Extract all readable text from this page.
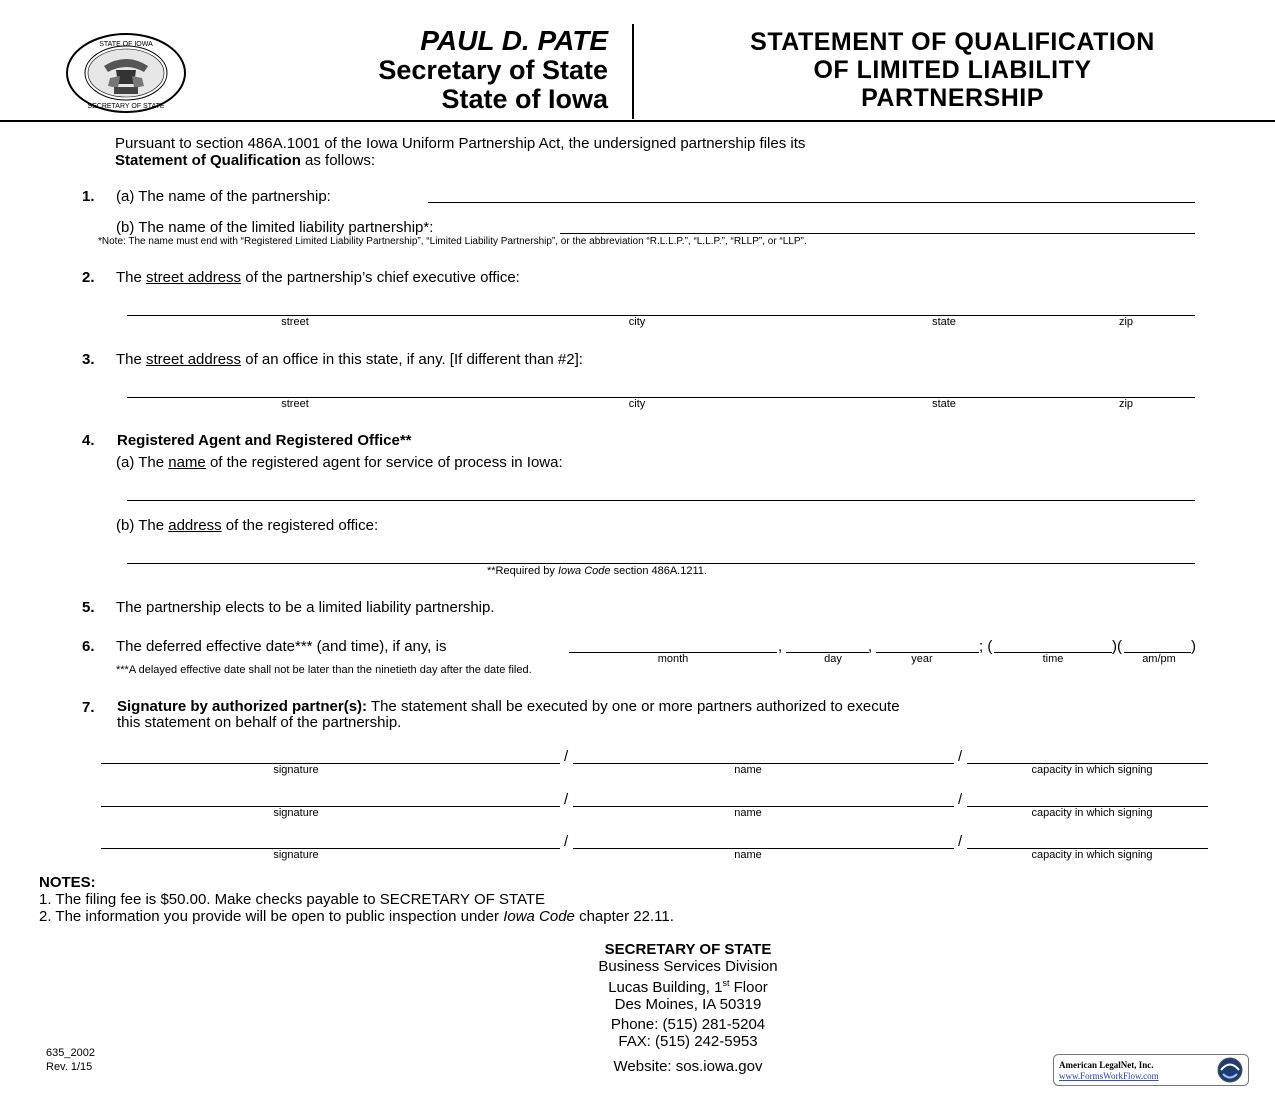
STATE OF IOWA
SECRETARY OF STATE
PAUL D. PATE
Secretary of State
State of Iowa
STATEMENT OF QUALIFICATION
OF LIMITED LIABILITY
PARTNERSHIP
Pursuant to section 486A.1001 of the Iowa Uniform Partnership Act, the undersigned partnership files its
Statement of Qualification as follows:
1. (a) The name of the partnership:
(b) The name of the limited liability partnership*:
*Note: The name must end with “Registered Limited Liability Partnership”, “Limited Liability Partnership”, or the abbreviation “R.L.L.P.”, “L.L.P.”, “RLLP”, or “LLP”.
2. The street address of the partnership’s chief executive office:
street	city	state	zip
3. The street address of an office in this state, if any. [If different than #2]:
street	city	state	zip
4. Registered Agent and Registered Office**
(a) The name of the registered agent for service of process in Iowa:
(b) The address of the registered office:
**Required by Iowa Code section 486A.1211.
5. The partnership elects to be a limited liability partnership.
6. The deferred effective date*** (and time), if any, is	,	,	; (	)(	)
month	day	year	time	am/pm
***A delayed effective date shall not be later than the ninetieth day after the date filed.
7. Signature by authorized partner(s): The statement shall be executed by one or more partners authorized to execute
this statement on behalf of the partnership.
/	/
signature	name	capacity in which signing
/	/
signature	name	capacity in which signing
/	/
signature	name	capacity in which signing
NOTES:
1. The filing fee is $50.00. Make checks payable to SECRETARY OF STATE
2. The information you provide will be open to public inspection under Iowa Code chapter 22.11.
SECRETARY OF STATE
Business Services Division
Lucas Building, 1st Floor
Des Moines, IA 50319
Phone: (515) 281-5204
FAX: (515) 242-5953
Website: sos.iowa.gov
635_2002
Rev. 1/15	American LegalNet, Inc.
www.FormsWorkFlow.com
